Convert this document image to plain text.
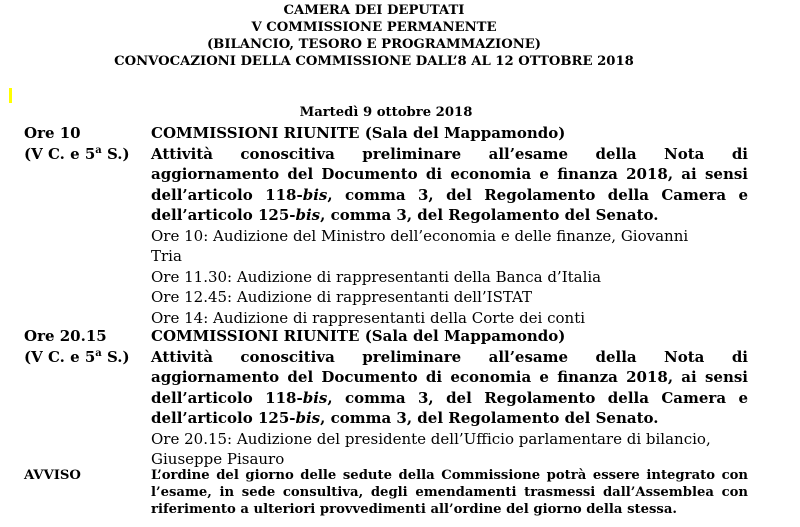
CAMERA DEI DEPUTATI
V COMMISSIONE PERMANENTE
(BILANCIO, TESORO E PROGRAMMAZIONE)
CONVOCAZIONI DELLA COMMISSIONE DALL’8 AL 12 OTTOBRE 2018
Martedì 9 ottobre 2018
Ore 10
(V C. e 5$^a$ S.)
COMMISSIONI RIUNITE (Sala del Mappamondo)
Attività conoscitiva preliminare all’esame della Nota di
aggiornamento del Documento di economia e finanza 2018, ai sensi
dell’articolo 118-bis, comma 3, del Regolamento della Camera e
dell’articolo 125-bis, comma 3, del Regolamento del Senato.
Ore 10: Audizione del Ministro dell’economia e delle finanze, Giovanni
Tria
Ore 11.30: Audizione di rappresentanti della Banca d’Italia
Ore 12.45: Audizione di rappresentanti dell’ISTAT
Ore 14: Audizione di rappresentanti della Corte dei conti
Ore 20.15
(V C. e 5$^a$ S.)
COMMISSIONI RIUNITE (Sala del Mappamondo)
Attività conoscitiva preliminare all’esame della Nota di
aggiornamento del Documento di economia e finanza 2018, ai sensi
dell’articolo 118-bis, comma 3, del Regolamento della Camera e
dell’articolo 125-bis, comma 3, del Regolamento del Senato.
Ore 20.15: Audizione del presidente dell’Ufficio parlamentare di bilancio,
Giuseppe Pisauro
AVVISO	L’ordine del giorno delle sedute della Commissione potrà essere integrato con
l’esame, in sede consultiva, degli emendamenti trasmessi dall’Assemblea con
riferimento a ulteriori provvedimenti all’ordine del giorno della stessa.
